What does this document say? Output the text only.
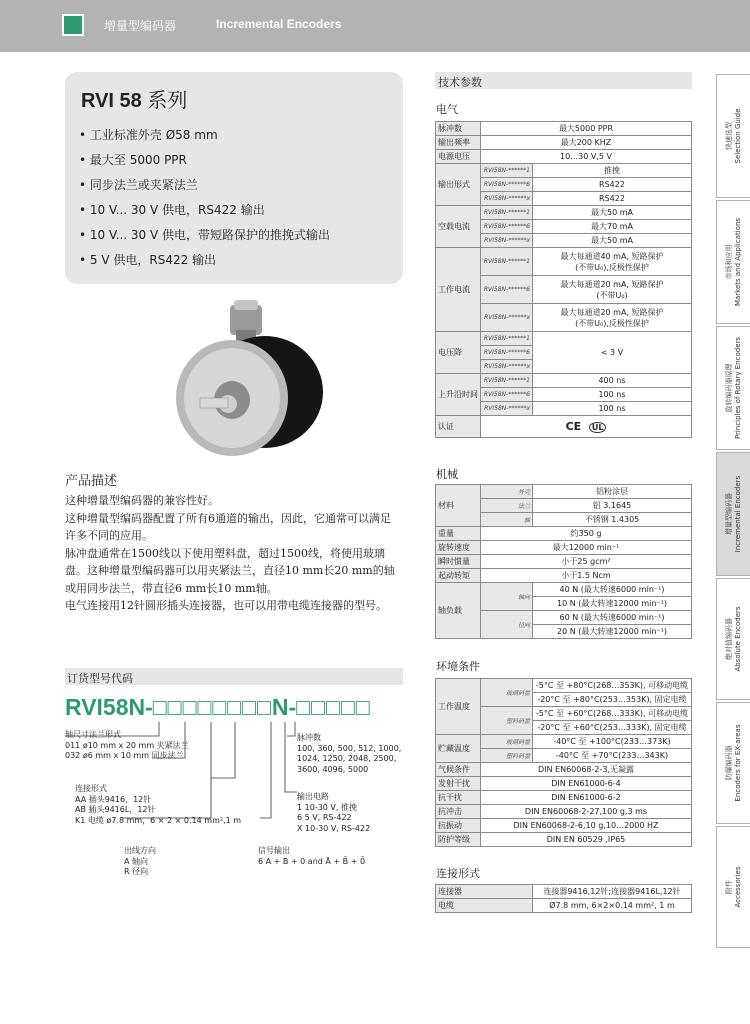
增量型编码器	Incremental Encoders
RVI 58 系列
• 工业标准外壳 Ø58 mm
• 最大至 5000 PPR
• 同步法兰或夹紧法兰
• 10 V... 30 V 供电，RS422 输出
• 10 V... 30 V 供电，带短路保护的推挽式输出
• 5 V 供电，RS422 输出
产品描述

这种增量型编码器的兼容性好。

这种增量型编码器配置了所有6通道的输出，因此，它通常可以满足许多不同的应用。

脉冲盘通常在1500线以下使用塑料盘，超过1500线，将使用玻璃盘。这种增量型编码器可以用夹紧法兰，直径10 mm长20 mm的轴或用同步法兰，带直径6 mm长10 mm轴。

电气连接用12针圆形插头连接器，也可以用带电缆连接器的型号。

订货型号代码
RVI58N-□□□□□□□□N-□□□□□
轴尺寸法兰形式
011 ø10 mm x 20 mm 夹紧法兰
032 ø6 mm x 10 mm 同步法兰
连接形式
AA 插头9416，12针
AB 插头9416L，12针
K1 电缆 ø7.8 mm，6 × 2 × 0.14 mm²,1 m
出线方向
A 轴向
R 径向
脉冲数
100, 360, 500, 512, 1000,
1024, 1250, 2048, 2500,
3600, 4096, 5000
输出电路
1 10-30 V, 推挽
6 5 V, RS-422
X 10-30 V, RS-422
信号输出
6 A + B + 0 and Ā + B̄ + 0̄
技术参数
电气
脉冲数	最大5000 PPR	
输出频率	最大200 KHZ	
电源电压	10…30 V,5 V	
输出形式	RVI58N-******1	推挽
	RVI58N-******6	RS422
	RVI58N-******x	RS422
空载电流	RVI58N-******1	最大50 mA
	RVI58N-******6	最大70 mA
	RVI58N-******x	最大50 mA
工作电流	RVI58N-******1	最大每通道40 mA, 短路保护
(不带U₀),反极性保护

	RVI58N-******6	最大每通道20 mA, 短路保护
(不带U₀)

	RVI58N-******x	最大每通道20 mA, 短路保护
(不带U₀),反极性保护

电压降	RVI58N-******1	< 3 V
	RVI58N-******6	
	RVI58N-******x	
上升沿时间	RVI58N-******1	400 ns
	RVI58N-******6	100 ns
	RVI58N-******x	100 ns
认证	CE UL	
机械
材料	外壳	铝粉涂层
	法兰	铝 3.1645
	轴	不锈钢 1.4305
重量	约350 g	
旋转速度	最大12000 min⁻¹	
瞬时惯量	小于25 gcm²	
起动转矩	小于1.5 Ncm	
轴负载	轴向	40 N (最大转速6000 min⁻¹)
		10 N (最大转速12000 min⁻¹)
	径向	60 N (最大转速6000 min⁻¹)
		20 N (最大转速12000 min⁻¹)
环境条件
工作温度	玻璃码盘	-5°C 至 +80°C(268…353K), 可移动电缆
		-20°C 至 +80°C(253…353K), 固定电缆
	塑料码盘	-5°C 至 +60°C(268…333K), 可移动电缆
		-20°C 至 +60°C(253…333K), 固定电缆
贮藏温度	玻璃码盘	-40°C 至 +100°C(233…373K)
	塑料码盘	-40°C 至 +70°C(233…343K)
气候条件	DIN EN60068-2-3,无凝露	
发射干扰	DIN EN61000-6-4	
抗干扰	DIN EN61000-6-2	
抗冲击	DIN EN60068-2-27,100 g,3 ms	
抗振动	DIN EN60068-2-6,10 g,10…2000 HZ	
防护等级	DIN EN 60529 ,IP65	
连接形式
连接器	连接器9416,12针;连接器9416L,12针
电缆	Ø7.8 mm, 6×2×0.14 mm², 1 m
快速选型 Selection Guide
市场和应用 Markets and Applications
旋转编码器原理 Principles of Rotary Encoders
增量型编码器 Incremental Encoders
绝对值编码器 Absolute Encoders
防爆编码器 Encoders for EX-areas
附件 Accessories
